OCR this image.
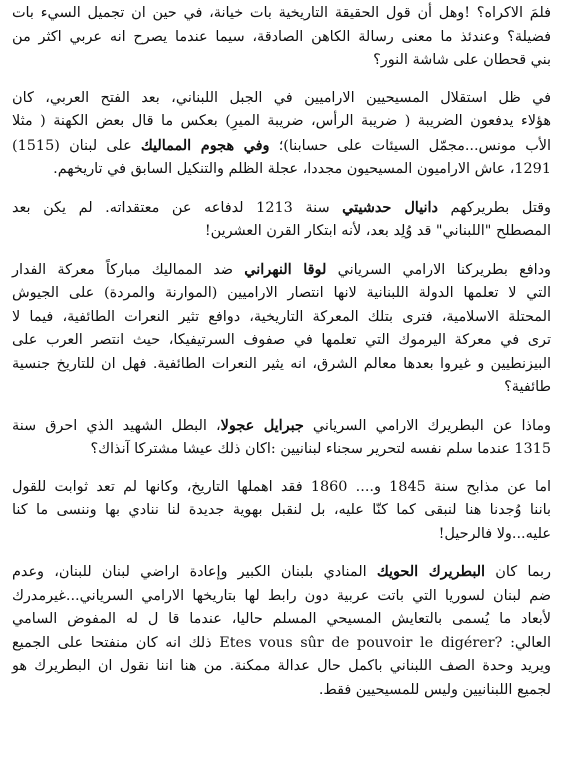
فلمَ الاكراه؟ !وهل أن قول الحقيقة التاريخية بات خيانة، في حين ان تجميل السيء بات
فضيلة؟ وعندئذ ما معنى رسالة الكاهن الصادقة، سيما عندما يصرح انه عربي اكثر من
بني قحطان على شاشة النور؟
في ظل استقلال المسيحيين الاراميين في الجبل اللبناني، بعد الفتح العربي، كان
هؤلاء يدفعون الضريبة ( ضريبة الرأس، ضريبة الميرِ) بعكس ما قال بعض الكهنة ( مثلا
الأب مونس...مجمّل السيئات على حسابنا)؛ وفي هجوم المماليك على لبنان (1515)
1291، عاش الاراميون المسيحيون مجددا، عجلة الظلم والتنكيل السابق في تاريخهم.
وقتل بطريركهم دانيال حدشيتي سنة 1213 لدفاعه عن معتقداته. لم يكن بعد
المصطلح "اللبناني" قد وُلِد بعد، لأنه ابتكار القرن العشرين!
ودافع بطريركنا الارامي السرياني لوقا النهراني ضد المماليك مباركاً معركة الفدار
التي لا تعلمها الدولة اللبنانية لانها انتصار الاراميين (الموارنة والمردة) على الجيوش
المحتلة الاسلامية، فترى بتلك المعركة التاريخية، دوافع تثير النعرات الطائفية، فيما لا
ترى في معركة اليرموك التي تعلمها في صفوف السرتيفيكا، حيث انتصر العرب على
البيزنطيين و غيروا بعدها معالم الشرق، انه يثير النعرات الطائفية. فهل ان للتاريخ جنسية
طائفية؟
وماذا عن البطريرك الارامي السرياني جبرايل عجولا، البطل الشهيد الذي احرق سنة
1315 عندما سلم نفسه لتحرير سجناء لبنانيين :اكان ذلك عيشا مشتركا آنذاك؟
اما عن مذابح سنة 1845 و.... 1860 فقد اهملها التاريخ، وكانها لم تعد ثوابت للقول
باننا وُجدنا هنا لنبقى كما كنّا عليه، بل لنقبل بهوية جديدة لنا ننادي بها وننسى ما كنا
عليه...ولا فالرحيل!
ربما كان البطريرك الحويك المنادي بلبنان الكبير وإعادة اراضي لبنان للبنان، وعدم
ضم لبنان لسوريا التي باتت عربية دون رابط لها بتاريخها الارامي السرياني...غيرمدرك
لأبعاد ما يُسمى بالتعايش المسيحي المسلم حاليا، عندما قا ل له المفوض السامي
العالي: Etes vous sûr de pouvoir le digérer? ذلك انه كان منفتحا على الجميع
ويريد وحدة الصف اللبناني باكمل حال عدالة ممكنة. من هنا اننا نقول ان البطريرك هو
لجميع اللبنانيين وليس للمسيحيين فقط.
